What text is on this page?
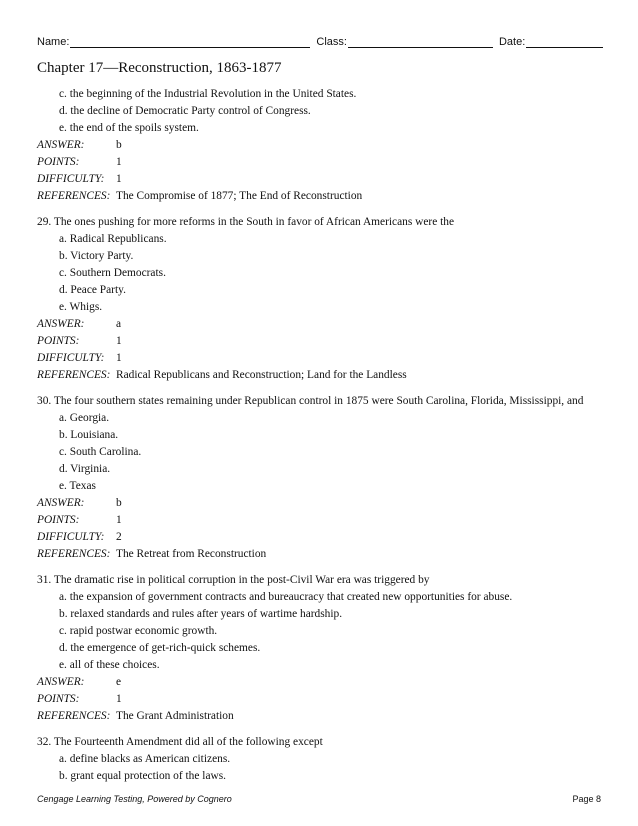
Name:	Class:	Date:
Chapter 17—Reconstruction, 1863-1877
c. the beginning of the Industrial Revolution in the United States.
d. the decline of Democratic Party control of Congress.
e. the end of the spoils system.
ANSWER:	b
POINTS:	1
DIFFICULTY:	1
REFERENCES: The Compromise of 1877; The End of Reconstruction
29. The ones pushing for more reforms in the South in favor of African Americans were the
a. Radical Republicans.
b. Victory Party.
c. Southern Democrats.
d. Peace Party.
e. Whigs.
ANSWER:	a
POINTS:	1
DIFFICULTY:	1
REFERENCES: Radical Republicans and Reconstruction; Land for the Landless
30. The four southern states remaining under Republican control in 1875 were South Carolina, Florida, Mississippi, and
a. Georgia.
b. Louisiana.
c. South Carolina.
d. Virginia.
e. Texas
ANSWER:	b
POINTS:	1
DIFFICULTY:	2
REFERENCES: The Retreat from Reconstruction
31. The dramatic rise in political corruption in the post-Civil War era was triggered by
a. the expansion of government contracts and bureaucracy that created new opportunities for abuse.
b. relaxed standards and rules after years of wartime hardship.
c. rapid postwar economic growth.
d. the emergence of get-rich-quick schemes.
e. all of these choices.
ANSWER:	e
POINTS:	1
REFERENCES: The Grant Administration
32. The Fourteenth Amendment did all of the following except
a. define blacks as American citizens.
b. grant equal protection of the laws.
Cengage Learning Testing, Powered by Cognero	Page 8
